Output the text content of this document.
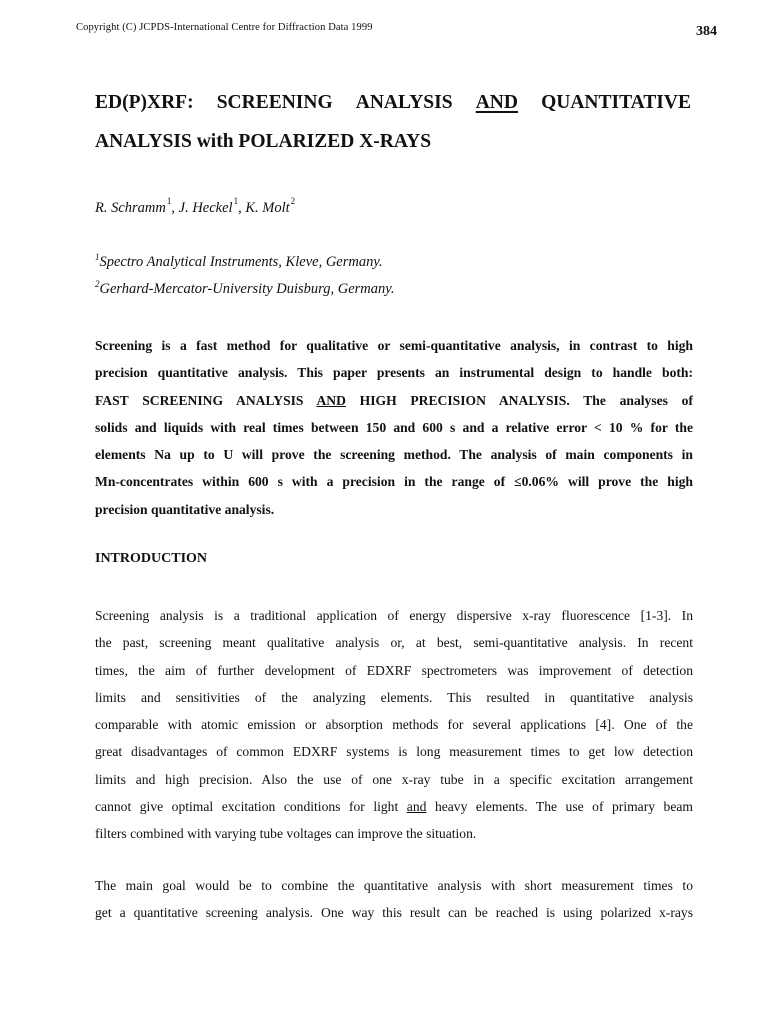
Copyright (C) JCPDS-International Centre for Diffraction Data 1999	384
ED(P)XRF: SCREENING ANALYSIS AND QUANTITATIVE
ANALYSIS with POLARIZED X-RAYS
R. Schramm$^1$, J. Heckel$^1$, K. Molt$^2$
$^1$Spectro Analytical Instruments, Kleve, Germany.
$^2$Gerhard-Mercator-University Duisburg, Germany.
Screening is a fast method for qualitative or semi-quantitative analysis, in contrast to high
precision quantitative analysis. This paper presents an instrumental design to handle both:
FAST SCREENING ANALYSIS AND HIGH PRECISION ANALYSIS. The analyses of
solids and liquids with real times between 150 and 600 s and a relative error < 10 % for the
elements Na up to U will prove the screening method. The analysis of main components in
Mn-concentrates within 600 s with a precision in the range of ≤0.06% will prove the high
precision quantitative analysis.
INTRODUCTION
Screening analysis is a traditional application of energy dispersive x-ray fluorescence [1-3]. In
the past, screening meant qualitative analysis or, at best, semi-quantitative analysis. In recent
times, the aim of further development of EDXRF spectrometers was improvement of detection
limits and sensitivities of the analyzing elements. This resulted in quantitative analysis
comparable with atomic emission or absorption methods for several applications [4]. One of the
great disadvantages of common EDXRF systems is long measurement times to get low detection
limits and high precision. Also the use of one x-ray tube in a specific excitation arrangement
cannot give optimal excitation conditions for light and heavy elements. The use of primary beam
filters combined with varying tube voltages can improve the situation.
The main goal would be to combine the quantitative analysis with short measurement times to
get a quantitative screening analysis. One way this result can be reached is using polarized x-rays
